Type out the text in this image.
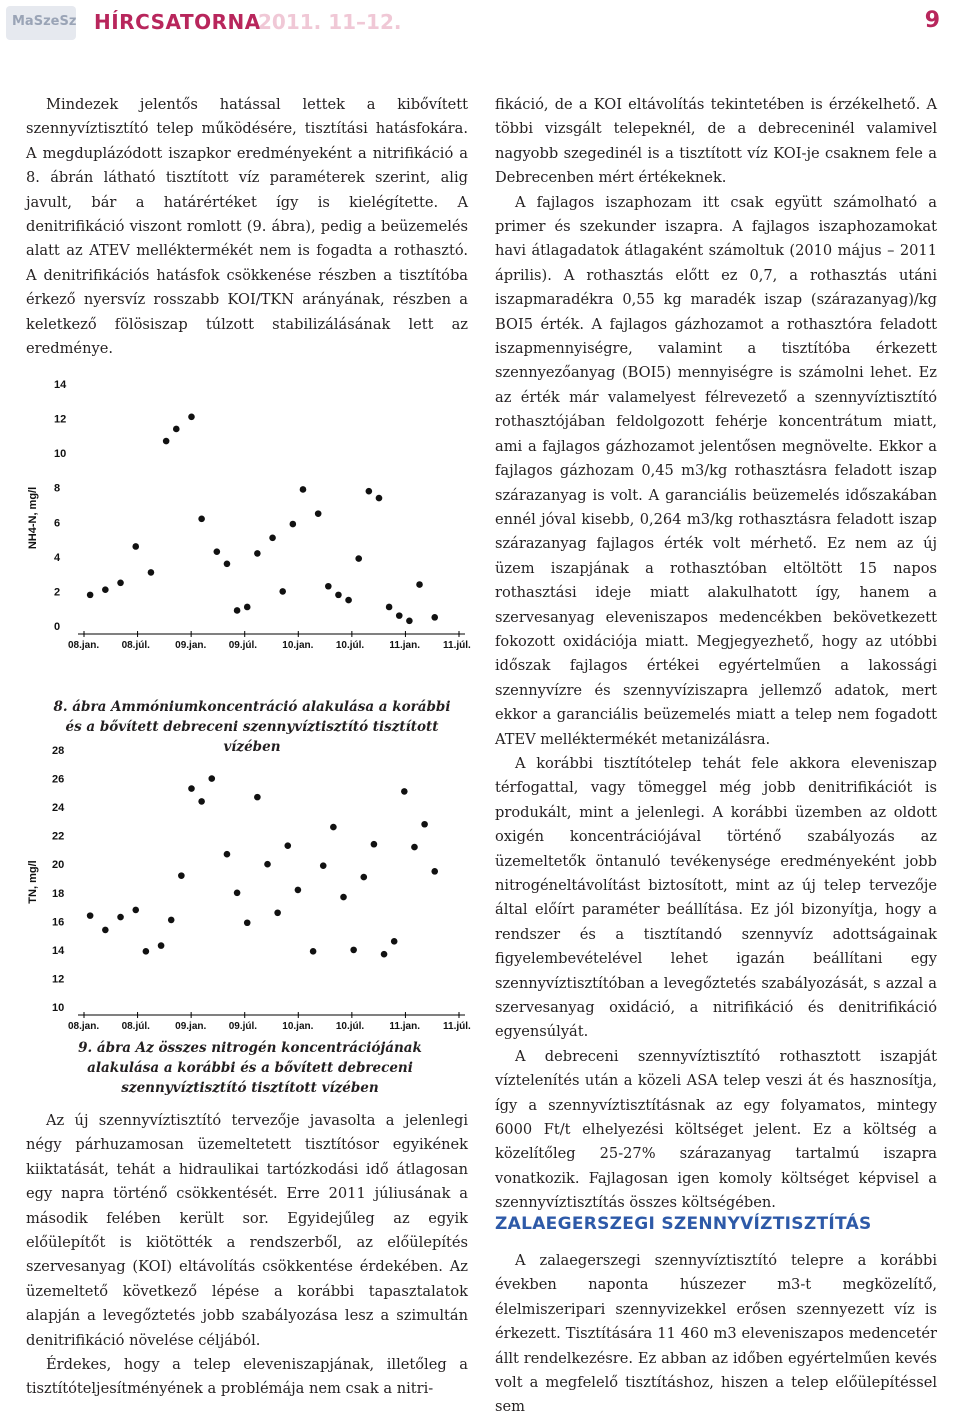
MaSzeSz HÍRCSATORNA
2011. 11–12.	9

Mindezek jelentős hatással lettek a kibővített szennyvíztisztító telep működésére, tisztítási hatásfokára. A megduplázódott iszapkor eredményeként a nitrifikáció a 8. ábrán látható tisztított víz paraméterek szerint, alig javult, bár a határértéket így is kielégítette. A denitrifikáció viszont romlott (9. ábra), pedig a beüzemelés alatt az ATEV melléktermékét nem is fogadta a rothasztó. A denitrifikációs hatásfok csökkenése részben a tisztítóba érkező nyersvíz rosszabb KOI/TKN arányának, részben a keletkező fölösiszap túlzott stabilizálásának lett az eredménye.

NH4-N, mg/l
0
2
4
6
8
10
12
14
08.jan. 08.júl.	09.jan. 09.júl.	10.jan. 10.júl.	11.jan. 11.júl.
8. ábra Ammóniumkoncentráció alakulása a korábbi és a bővített debreceni szennyvíztisztító tisztított vízében
TN, mg/l
10
12
14
16
18
20
22
24
26
28
08.jan. 08.júl.	09.jan. 09.júl.	10.jan. 10.júl.	11.jan. 11.júl.
9. ábra Az összes nitrogén koncentrációjának alakulása a korábbi és a bővített debreceni szennyvíztisztító tisztított vízében

Az új szennyvíztisztító tervezője javasolta a jelenlegi négy párhuzamosan üzemeltetett tisztítósor egyikének kiiktatását, tehát a hidraulikai tartózkodási idő átlagosan egy napra történő csökkentését. Erre 2011 júliusának a második felében került sor. Egyidejűleg az egyik előülepítőt is kiötötték a rendszerből, az előülepítés szervesanyag (KOI) eltávolítás csökkentése érdekében. Az üzemeltető következő lépése a korábbi tapasztalatok alapján a levegőztetés jobb szabályozása lesz a szimultán denitrifikáció növelése céljából.

Érdekes, hogy a telep eleveniszapjának, illetőleg a tisztítóteljesítményének a problémája nem csak a nitri-

fikáció, de a KOI eltávolítás tekintetében is érzékelhető. A többi vizsgált telepeknél, de a debreceninél valamivel nagyobb szegedinél is a tisztított víz KOI-je csaknem fele a Debrecenben mért értékeknek.

A fajlagos iszaphozam itt csak együtt számolható a primer és szekunder iszapra. A fajlagos iszaphozamokat havi átlagadatok átlagaként számoltuk (2010 május – 2011 április). A rothasztás előtt ez 0,7, a rothasztás utáni iszapmaradékra 0,55 kg maradék iszap (szárazanyag)/kg BOI5 érték. A fajlagos gázhozamot a rothasztóra feladott iszapmennyiségre, valamint a tisztítóba érkezett szennyezőanyag (BOI5) mennyiségre is számolni lehet. Ez az érték már valamelyest félrevezető a szennyvíztisztító rothasztójában feldolgozott fehérje koncentrátum miatt, ami a fajlagos gázhozamot jelentősen megnövelte. Ekkor a fajlagos gázhozam 0,45 m3/kg rothasztásra feladott iszap szárazanyag is volt. A garanciális beüzemelés időszakában ennél jóval kisebb, 0,264 m3/kg rothasztásra feladott iszap szárazanyag fajlagos érték volt mérhető. Ez nem az új üzem iszapjának a rothasztóban eltöltött 15 napos rothasztási ideje miatt alakulhatott így, hanem a szervesanyag eleveniszapos medencékben bekövetkezett fokozott oxidációja miatt. Megjegyezhető, hogy az utóbbi időszak fajlagos értékei egyértelműen a lakossági szennyvízre és szennyvíziszapra jellemző adatok, mert ekkor a garanciális beüzemelés miatt a telep nem fogadott ATEV melléktermékét metanizálásra.

A korábbi tisztítótelep tehát fele akkora eleveniszap térfogattal, vagy tömeggel még jobb denitrifikációt is produkált, mint a jelenlegi. A korábbi üzemben az oldott oxigén koncentrációjával történő szabályozás az üzemeltetők öntanuló tevékenysége eredményeként jobb nitrogéneltávolítást biztosított, mint az új telep tervezője által előírt paraméter beállítása. Ez jól bizonyítja, hogy a rendszer és a tisztítandó szennyvíz adottságainak figyelembevételével lehet igazán beállítani egy szennyvíztisztítóban a levegőztetés szabályozását, s azzal a szervesanyag oxidáció, a nitrifikáció és denitrifikáció egyensúlyát.

A debreceni szennyvíztisztító rothasztott iszapját víztelenítés után a közeli ASA telep veszi át és hasznosítja, így a szennyvíztisztításnak az egy folyamatos, mintegy 6000 Ft/t elhelyezési költséget jelent. Ez a költség a közelítőleg 25-27% szárazanyag tartalmú iszapra vonatkozik. Fajlagosan igen komoly költséget képvisel a szennyvíztisztítás összes költségében.

ZALAEGERSZEGI SZENNYVÍZTISZTÍTÁS

A zalaegerszegi szennyvíztisztító telepre a korábbi években naponta húszezer m3-t megközelítő, élelmiszeripari szennyvizekkel erősen szennyezett víz is érkezett. Tisztítására 11 460 m3 eleveniszapos medencetér állt rendelkezésre. Ez abban az időben egyértelműen kevés volt a megfelelő tisztításhoz, hiszen a telep előülepítéssel sem
